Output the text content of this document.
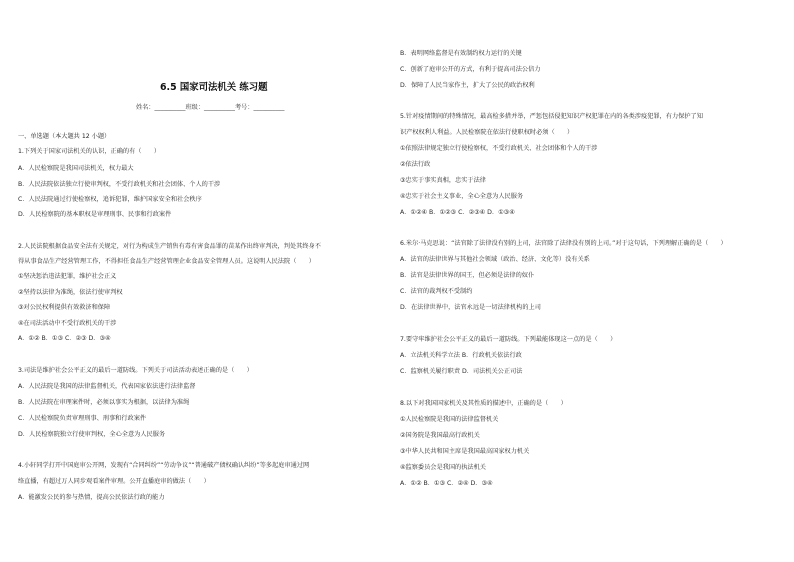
6.5 国家司法机关 练习题
姓名：__________班级：__________考号：__________
一、单选题（本大题共 12 小题）
1.下列关于国家司法机关的认识，正确的有（　　）
A．人民检察院是我国司法机关，权力最大
B．人民法院依法独立行使审判权，不受行政机关和社会团体、个人的干涉
C．人民法院通过行使检察权，追诉犯罪，维护国家安全和社会秩序
D．人民检察院的基本职权是审理刑事、民事和行政案件
2.人民法院根据食品安全法有关规定，对行为构成生产销售有毒有害食品罪的苗某作出终审判决，判处其终身不
得从事食品生产经营管理工作，不得担任食品生产经营管理企业食品安全管理人员。这说明人民法院（　　）
①坚决惩治违法犯罪，维护社会正义
②坚持以法律为准绳，依法行使审判权
③对公民权利提供有效救济和保障
④在司法活动中不受行政机关的干涉
A．①② B．①③ C．②③ D．③④
3.司法是维护社会公平正义的最后一道防线。下列关于司法活动表述正确的是（　　）
A．人民法院是我国的法律监督机关，代表国家依法进行法律监督
B．人民法院在审理案件时，必须以事实为根据，以法律为准绳
C．人民检察院负责审理刑事、刑事和行政案件
D．人民检察院独立行使审判权，全心全意为人民服务
4.小轩同学打开中国庭审公开网，发现有“合同纠纷”“劳动争议”“普通破产债权确认纠纷”等多起庭审通过网
络直播，有超过万人同步观看案件审理。公开直播庭审的做法（　　）
A．能激发公民的参与热情，提高公民依法行政的能力
B．表明网络监督是有效制约权力运行的关键
C．创新了庭审公开的方式，有利于提高司法公信力
D．保障了人民当家作主，扩大了公民的政治权利
5.针对疫情期间的特殊情况，最高检多措并举，严惩包括侵犯知识产权犯罪在内的各类涉疫犯罪，有力保护了知
识产权权利人利益。人民检察院在依法行使职权时必须（　　）
①依照法律规定独立行使检察权，不受行政机关、社会团体和个人的干涉
②依法行政
③忠实于事实真相，忠实于法律
④忠实于社会主义事业，全心全意为人民服务
A．①②④ B．①②③ C．②③④ D．①③④
6.米尔·马克思说：“法官除了法律没有别的上司，法官除了法律没有别的上司。”对于这句话，下列理解正确的是（　　）
A．法官的法律世界与其他社会领域（政治、经济、文化等）没有关系
B．法官是法律世界的国王，但必须是法律的奴仆
C．法官的裁判权不受制约
D．在法律世界中，法官永远是一切法律机构的上司
7.要守牢维护社会公平正义的最后一道防线。下列最能体现这一点的是（　　）
A．立法机关科学立法 B．行政机关依法行政
C．监察机关履行职责 D．司法机关公正司法
8.以下对我国国家机关及其性质的描述中，正确的是（　　）
①人民检察院是我国的法律监督机关
②国务院是我国最高行政机关
③中华人民共和国主席是我国最高国家权力机关
④监察委员会是我国的执法机关
A．①② B．①③ C．②④ D．③④
